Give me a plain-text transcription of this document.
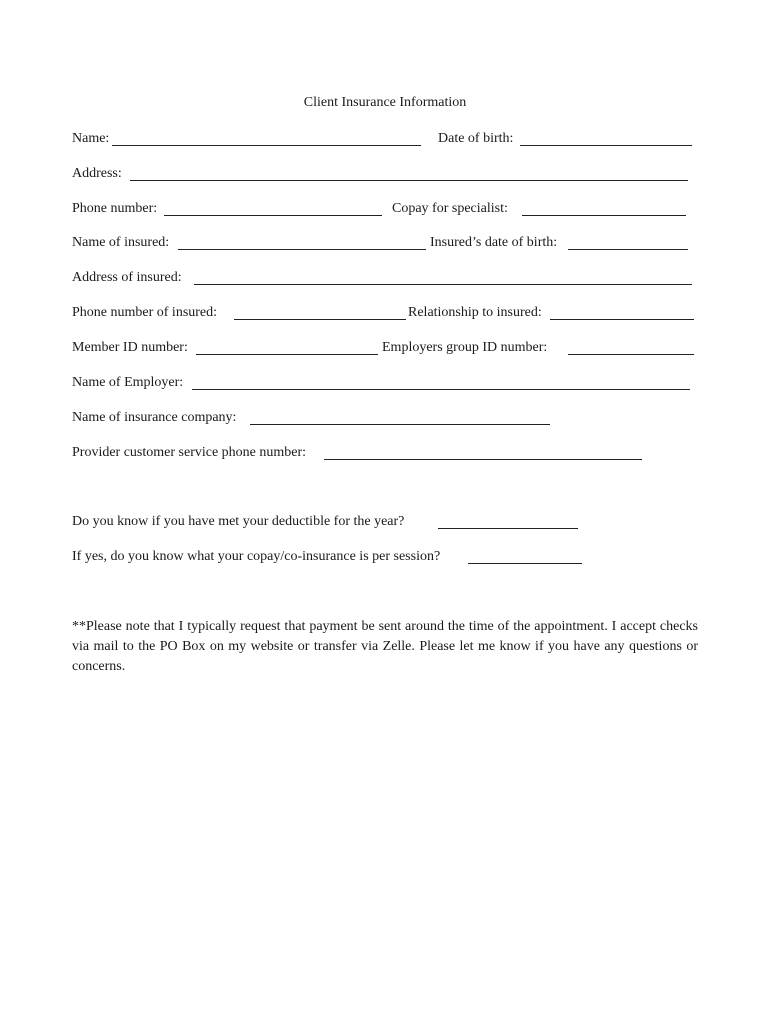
Client Insurance Information
Name:	Date of birth:
Address:
Phone number:	Copay for specialist:
Name of insured:	Insured’s date of birth:
Address of insured:
Phone number of insured:	Relationship to insured:
Member ID number:	Employers group ID number:
Name of Employer:
Name of insurance company:
Provider customer service phone number:
Do you know if you have met your deductible for the year?
If yes, do you know what your copay/co-insurance is per session?
**Please note that I typically request that payment be sent around the time of the appointment. I accept checks via mail to the PO Box on my website or transfer via Zelle. Please let me know if you have any questions or concerns.
